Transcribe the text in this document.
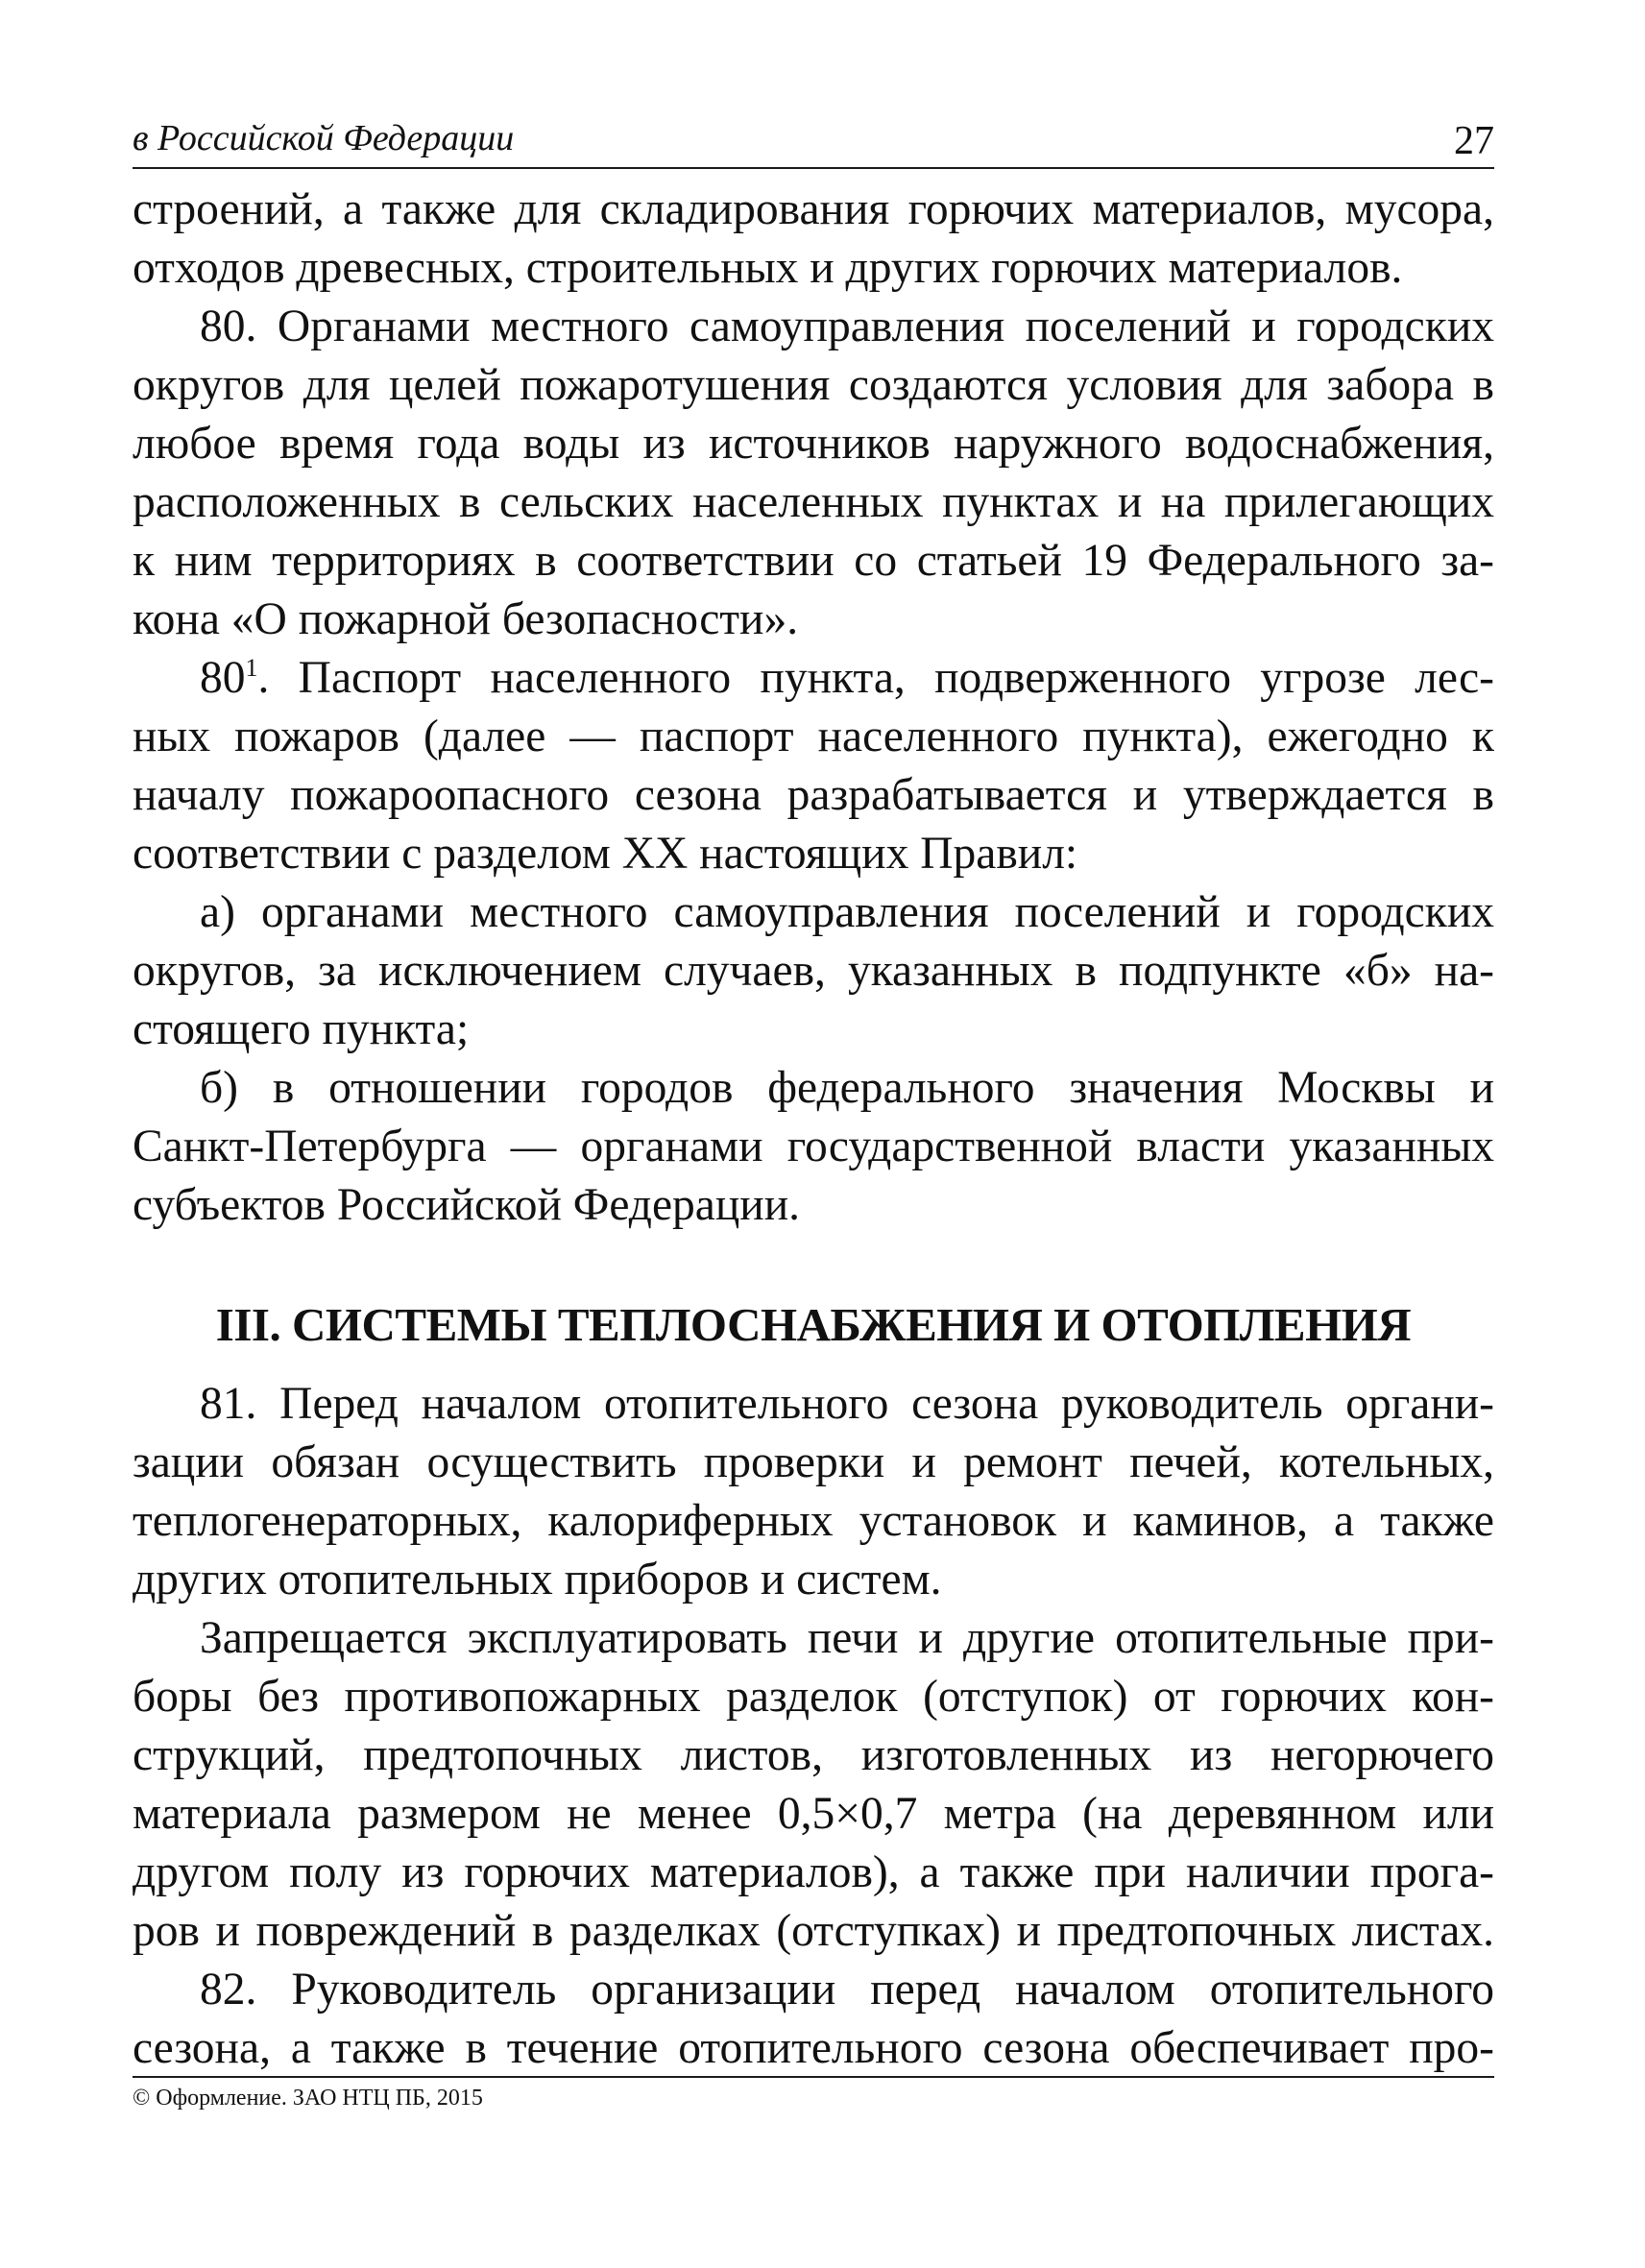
в Российской Федерации	27
строений, а также для складирования горючих материалов, мусора,
отходов древесных, строительных и других горючих материалов.
80. Органами местного самоуправления поселений и городских
округов для целей пожаротушения создаются условия для забора в
любое время года воды из источников наружного водоснабжения,
расположенных в сельских населенных пунктах и на прилегающих
к ним территориях в соответствии со статьей 19 Федерального за-
кона «О пожарной безопасности».
$80^1$. Паспорт населенного пункта, подверженного угрозе лес-
ных пожаров (далее — паспорт населенного пункта), ежегодно к
началу пожароопасного сезона разрабатывается и утверждается в
соответствии с разделом XX настоящих Правил:
а) органами местного самоуправления поселений и городских
округов, за исключением случаев, указанных в подпункте «б» на-
стоящего пункта;
б) в отношении городов федерального значения Москвы и
Санкт-Петербурга — органами государственной власти указанных
субъектов Российской Федерации.
III. СИСТЕМЫ ТЕПЛОСНАБЖЕНИЯ И ОТОПЛЕНИЯ
81. Перед началом отопительного сезона руководитель органи-
зации обязан осуществить проверки и ремонт печей, котельных,
теплогенераторных, калориферных установок и каминов, а также
других отопительных приборов и систем.
Запрещается эксплуатировать печи и другие отопительные при-
боры без противопожарных разделок (отступок) от горючих кон-
струкций, предтопочных листов, изготовленных из негорючего
материала размером не менее 0,5×0,7 метра (на деревянном или
другом полу из горючих материалов), а также при наличии прога-
ров и повреждений в разделках (отступках) и предтопочных листах.
82. Руководитель организации перед началом отопительного
сезона, а также в течение отопительного сезона обеспечивает про-
© Оформление. ЗАО НТЦ ПБ, 2015
